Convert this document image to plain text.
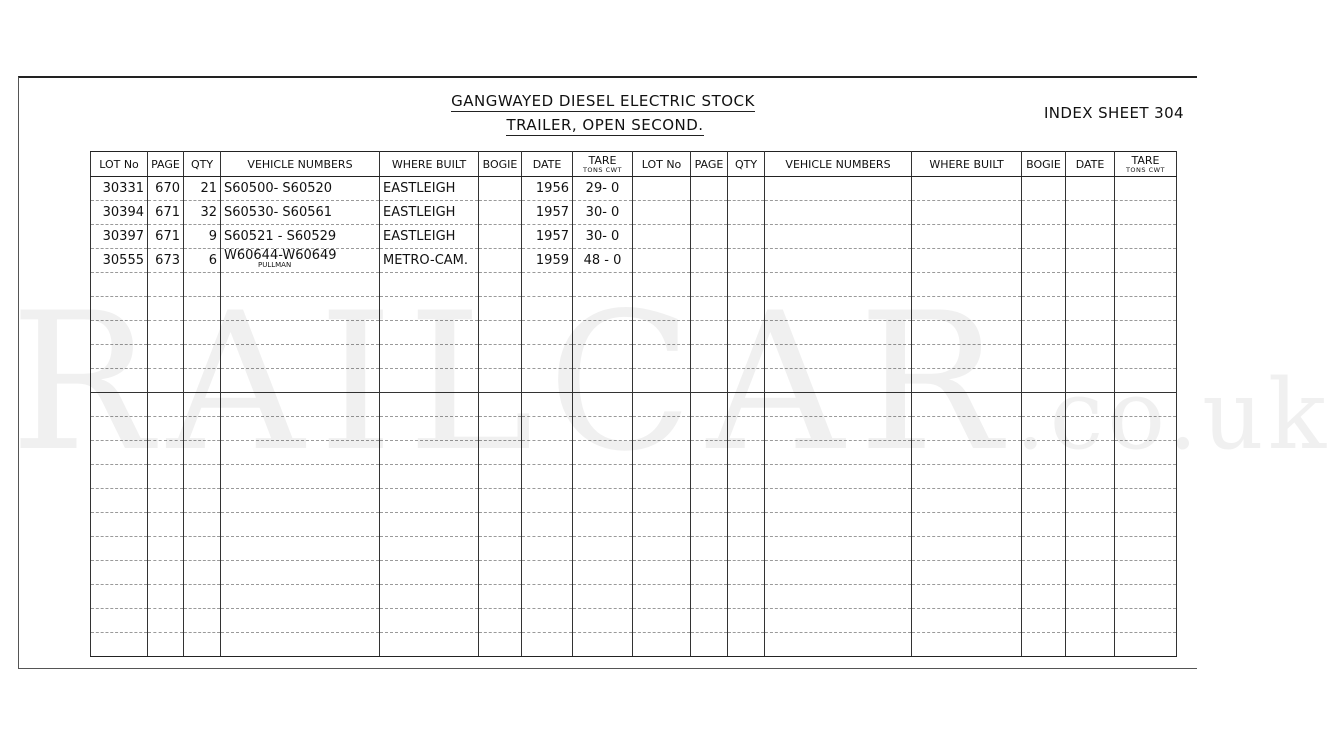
GANGWAYED DIESEL ELECTRIC STOCK
TRAILER, OPEN SECOND.
INDEX SHEET 304
LOT No	PAGE	QTY	VEHICLE NUMBERS	WHERE BUILT	BOGIE	DATE	TARE
TONS CWT	LOT No	PAGE	QTY	VEHICLE NUMBERS	WHERE BUILT	BOGIE	DATE	TARE
TONS CWT

30331	670	21	S60500- S60520	EASTLEIGH		1956	29- 0								
30394	671	32	S60530- S60561	EASTLEIGH		1957	30- 0								
30397	671	9	S60521 - S60529	EASTLEIGH		1957	30- 0								
30555	673	6	W60644-W60649
PULLMAN	METRO-CAM.		1959	48 - 0								

RAILCAR.co.uk
